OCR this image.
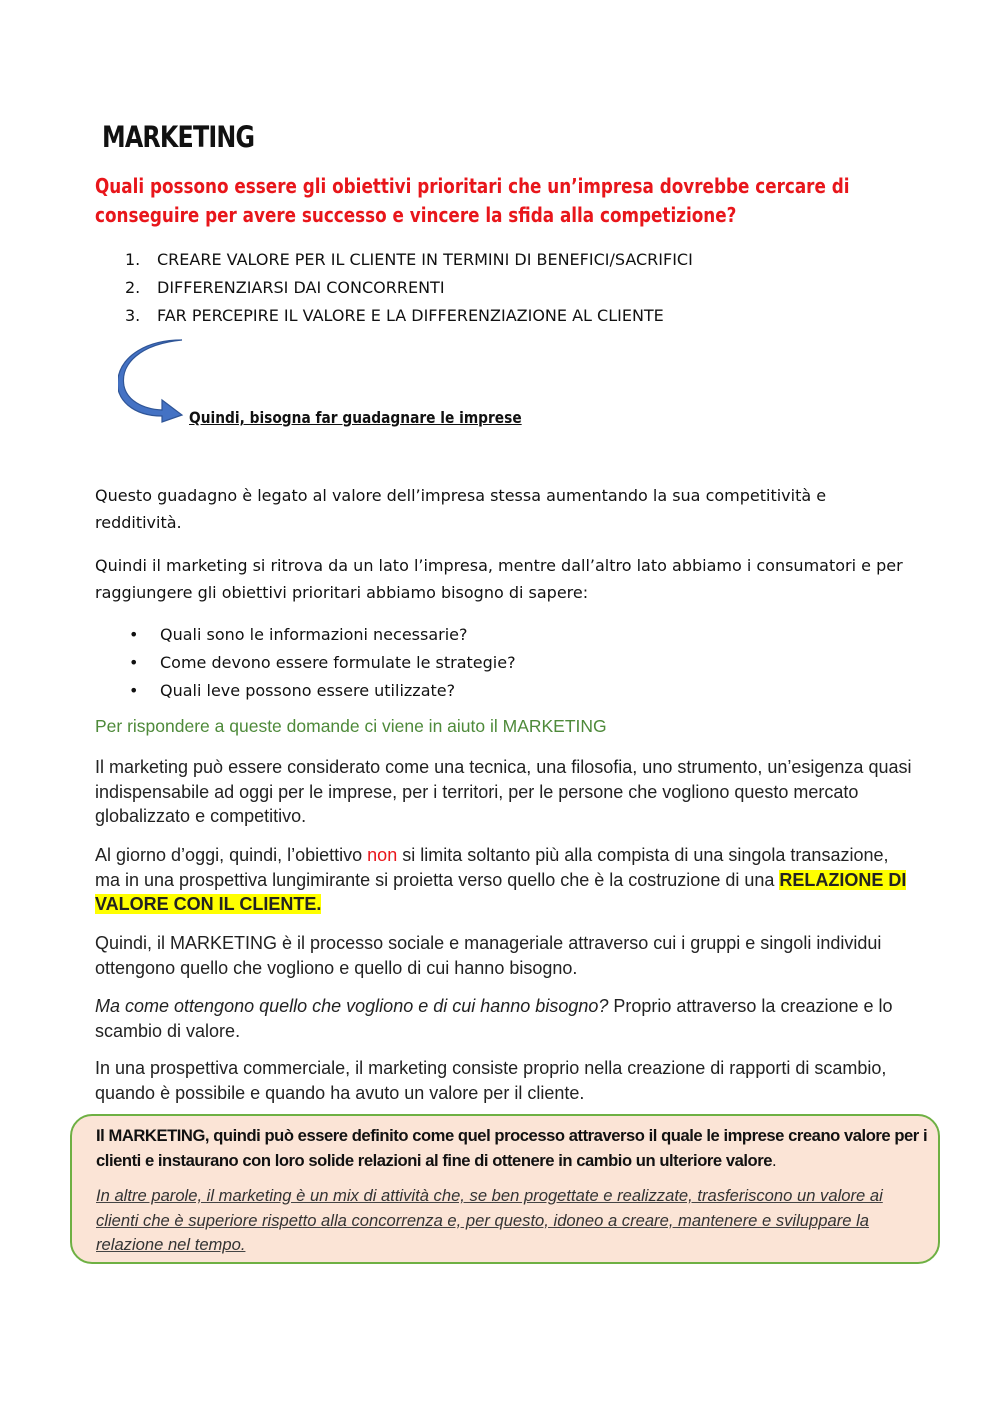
MARKETING
Quali possono essere gli obiettivi prioritari che un’impresa dovrebbe cercare di conseguire per avere successo e vincere la sfida alla competizione?
1. CREARE VALORE PER IL CLIENTE IN TERMINI DI BENEFICI/SACRIFICI
2. DIFFERENZIARSI DAI CONCORRENTI
3. FAR PERCEPIRE IL VALORE E LA DIFFERENZIAZIONE AL CLIENTE
Quindi, bisogna far guadagnare le imprese
Questo guadagno è legato al valore dell’impresa stessa aumentando la sua competitività e redditività.
Quindi il marketing si ritrova da un lato l’impresa, mentre dall’altro lato abbiamo i consumatori e per raggiungere gli obiettivi prioritari abbiamo bisogno di sapere:
• Quali sono le informazioni necessarie?
• Come devono essere formulate le strategie?
• Quali leve possono essere utilizzate?
Per rispondere a queste domande ci viene in aiuto il MARKETING
Il marketing può essere considerato come una tecnica, una filosofia, uno strumento, un’esigenza quasi indispensabile ad oggi per le imprese, per i territori, per le persone che vogliono questo mercato globalizzato e competitivo.
Al giorno d’oggi, quindi, l’obiettivo non si limita soltanto più alla compista di una singola transazione, ma in una prospettiva lungimirante si proietta verso quello che è la costruzione di una RELAZIONE DI VALORE CON IL CLIENTE.
Quindi, il MARKETING è il processo sociale e manageriale attraverso cui i gruppi e singoli individui ottengono quello che vogliono e quello di cui hanno bisogno.
Ma come ottengono quello che vogliono e di cui hanno bisogno? Proprio attraverso la creazione e lo scambio di valore.
In una prospettiva commerciale, il marketing consiste proprio nella creazione di rapporti di scambio, quando è possibile e quando ha avuto un valore per il cliente.
Il MARKETING, quindi può essere definito come quel processo attraverso il quale le imprese creano valore per i clienti e instaurano con loro solide relazioni al fine di ottenere in cambio un ulteriore valore.
In altre parole, il marketing è un mix di attività che, se ben progettate e realizzate, trasferiscono un valore ai clienti che è superiore rispetto alla concorrenza e, per questo, idoneo a creare, mantenere e sviluppare la relazione nel tempo.
